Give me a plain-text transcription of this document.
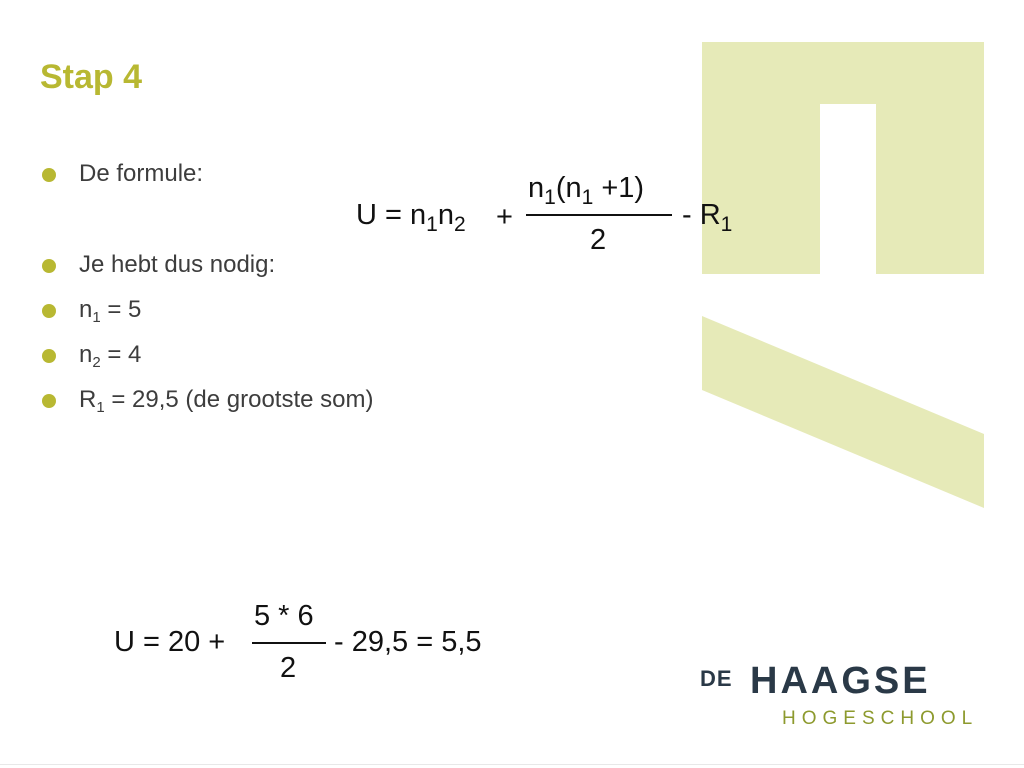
Stap 4
De formule:
Je hebt dus nodig:
$n_1 = 5$
$n_2 = 4$
$R_1 = 29,5$ (de grootste som)
$U = n_1n_2$ +
$n_1(n_1 +1)$
2
- $R_1$
U = 20 +
5 * 6
2
- 29,5 = 5,5
DE HAAGSE
HOGESCHOOL
